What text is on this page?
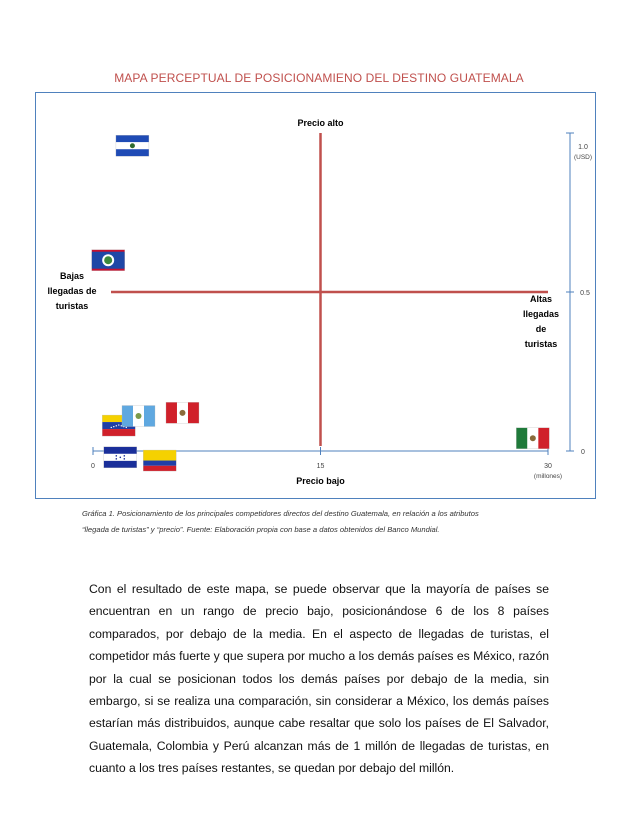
MAPA PERCEPTUAL DE POSICIONAMIENO DEL DESTINO GUATEMALA
0	15	30
(millones)
0
0.5
1.0
(USD)
Precio alto
Precio bajo
Bajas
llegadas de
turistas
Altas
llegadas
de
turistas
Gráfica 1. Posicionamiento de los principales competidores directos del destino Guatemala, en relación a los atributos
“llegada de turistas” y “precio”. Fuente: Elaboración propia con base a datos obtenidos del Banco Mundial.
Con el resultado de este mapa, se puede observar que la mayoría de países se encuentran en un rango de precio bajo, posicionándose 6 de los 8 países comparados, por debajo de la media. En el aspecto de llegadas de turistas, el competidor más fuerte y que supera por mucho a los demás países es México, razón por la cual se posicionan todos los demás países por debajo de la media, sin embargo, si se realiza una comparación, sin considerar a México, los demás países estarían más distribuidos, aunque cabe resaltar que solo los países de El Salvador, Guatemala, Colombia y Perú alcanzan más de 1 millón de llegadas de turistas, en cuanto a los tres países restantes, se quedan por debajo del millón.
